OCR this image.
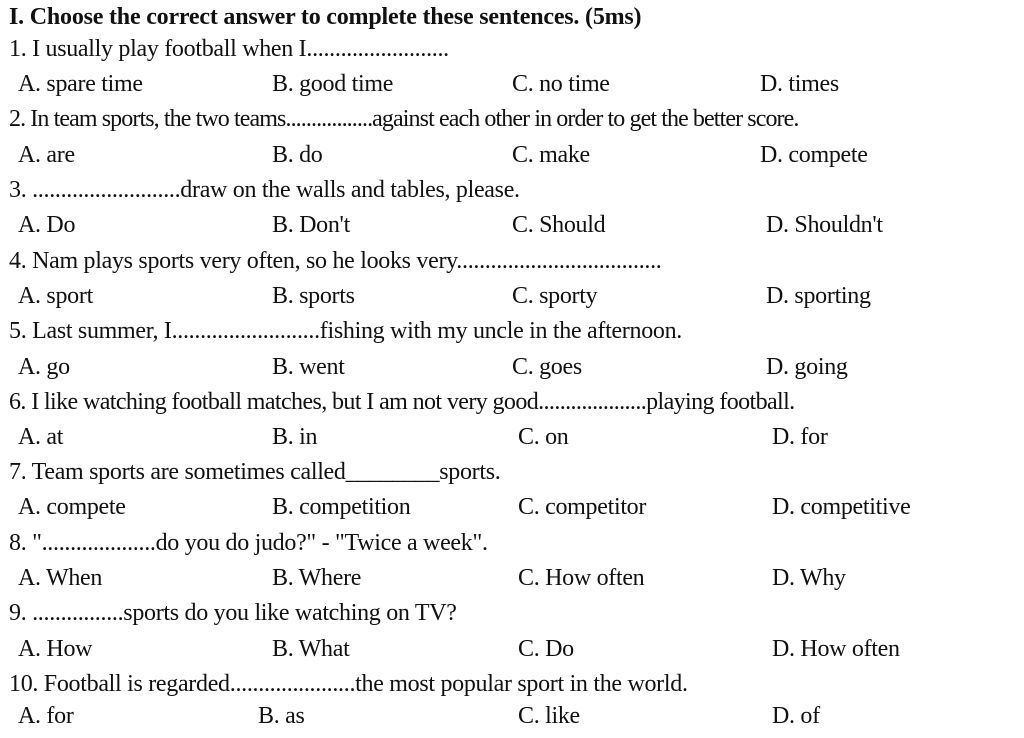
I. Choose the correct answer to complete these sentences. (5ms)
1. I usually play football when I.........................
A. spare time	B. good time	C. no time	D. times
2. In team sports, the two teams.................against each other in order to get the better score.
A. are	B. do	C. make	D. compete
3. ..........................draw on the walls and tables, please.
A. Do	B. Don't	C. Should	D. Shouldn't
4. Nam plays sports very often, so he looks very....................................
A. sport	B. sports	C. sporty	D. sporting
5. Last summer, I..........................fishing with my uncle in the afternoon.
A. go	B. went	C. goes	D. going
6. I like watching football matches, but I am not very good....................playing football.
A. at	B. in	C. on	D. for
7. Team sports are sometimes called________sports.
A. compete	B. competition	C. competitor	D. competitive
8. "....................do you do judo?" - "Twice a week".
A. When	B. Where	C. How often	D. Why
9. ................sports do you like watching on TV?
A. How	B. What	C. Do	D. How often
10. Football is regarded......................the most popular sport in the world.
A. for	B. as	C. like	D. of
